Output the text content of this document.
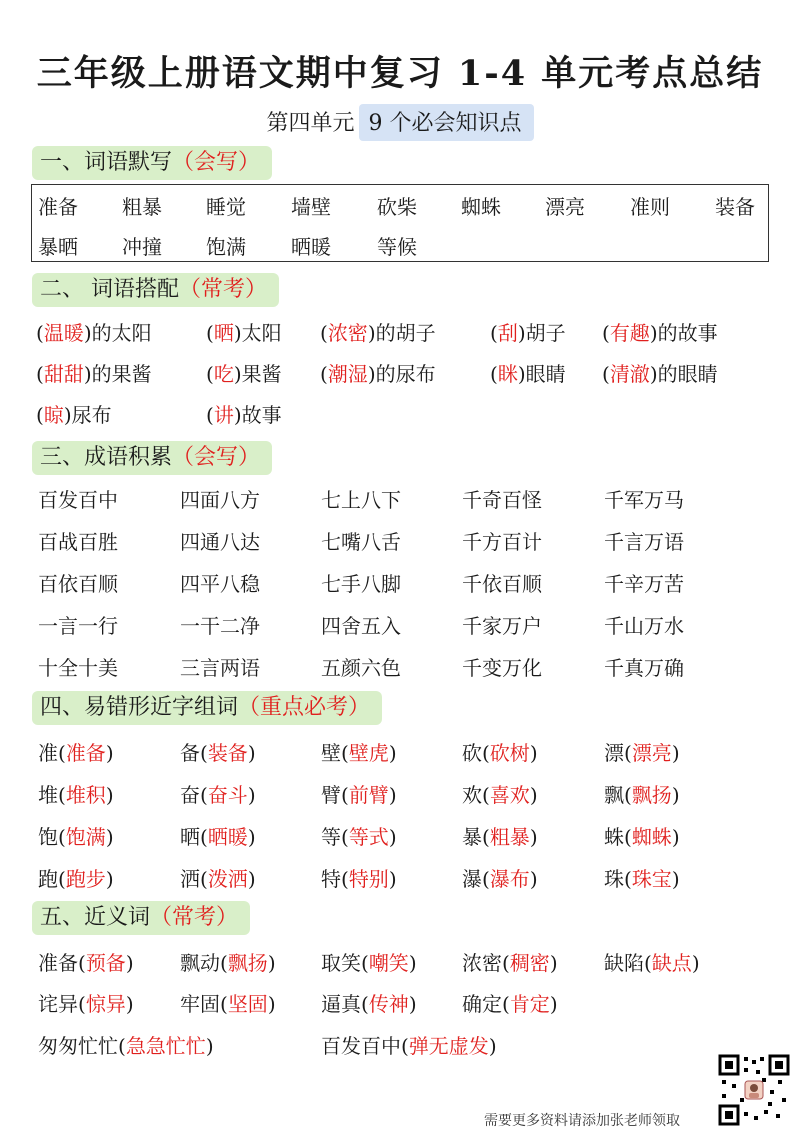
三年级上册语文期中复习 1-4 单元考点总结
第四单元 9 个必会知识点
一、词语默写（会写）
准备 粗暴 睡觉 墙壁 砍柴 蜘蛛 漂亮 准则 装备
暴晒 冲撞 饱满 晒暖 等候
二、 词语搭配（常考）
(温暖)的太阳	(晒)太阳 (浓密)的胡子	(刮)胡子 (有趣)的故事
(甜甜)的果酱	(吃)果酱 (潮湿)的尿布	(眯)眼睛 (清澈)的眼睛
(晾)尿布	(讲)故事
三、成语积累（会写）
百发百中	四面八方	七上八下	千奇百怪	千军万马
百战百胜	四通八达	七嘴八舌	千方百计	千言万语
百依百顺	四平八稳	七手八脚	千依百顺	千辛万苦
一言一行	一干二净	四舍五入	千家万户	千山万水
十全十美	三言两语	五颜六色	千变万化	千真万确
四、易错形近字组词（重点必考）
准(准备)	备(装备)	壁(壁虎)	砍(砍树)	漂(漂亮)
堆(堆积)	奋(奋斗)	臂(前臂)	欢(喜欢)	飘(飘扬)
饱(饱满)	晒(晒暖)	等(等式)	暴(粗暴)	蛛(蜘蛛)
跑(跑步)	洒(泼洒)	特(特别)	瀑(瀑布)	珠(珠宝)
五、近义词（常考）
准备(预备) 飘动(飘扬) 取笑(嘲笑) 浓密(稠密) 缺陷(缺点)
诧异(惊异) 牢固(坚固) 逼真(传神) 确定(肯定)
匆匆忙忙(急急忙忙)	百发百中(弹无虚发)
需要更多资料请添加张老师领取
